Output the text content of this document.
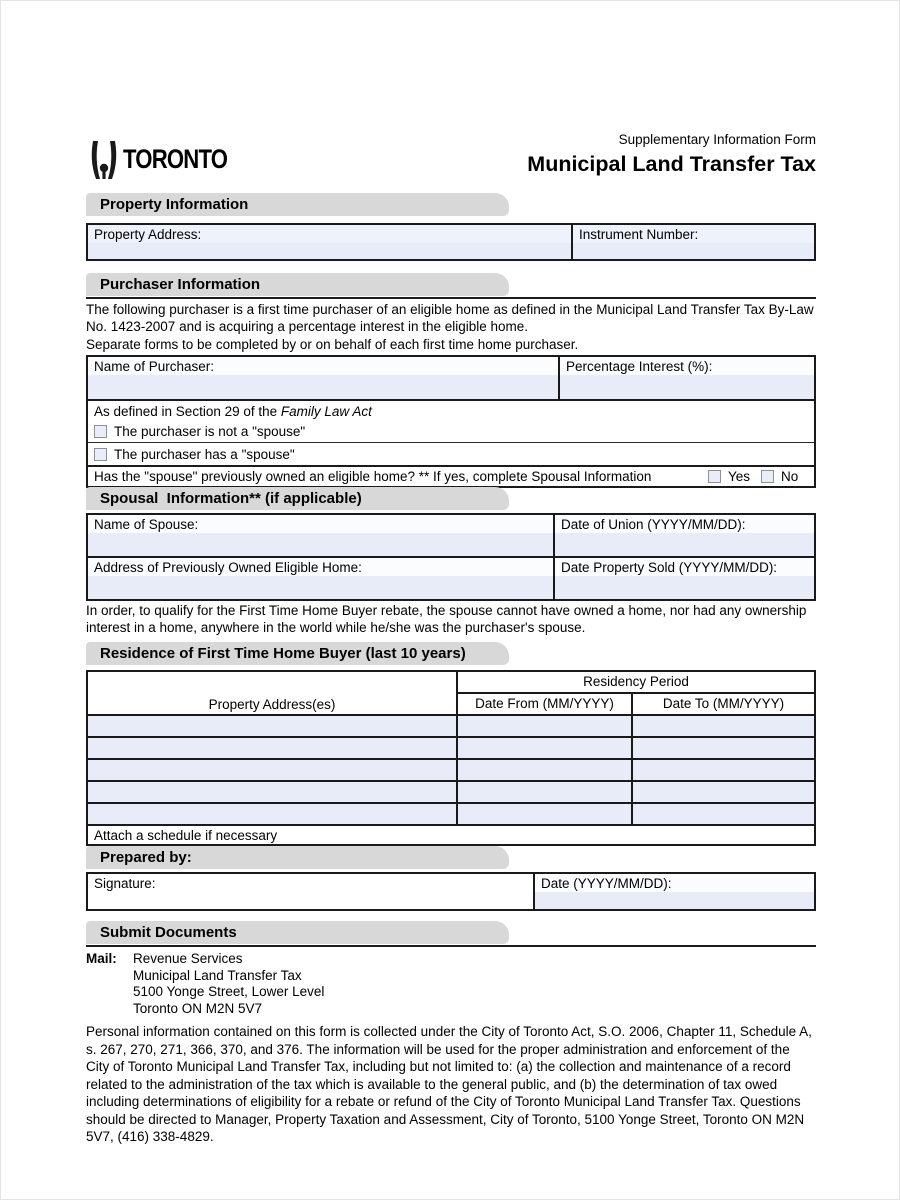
TORONTO
Supplementary Information Form
Municipal Land Transfer Tax
Property Information
Property Address:	Instrument Number:
Purchaser Information
The following purchaser is a first time purchaser of an eligible home as defined in the Municipal Land Transfer Tax By-Law No. 1423-2007 and is acquiring a percentage interest in the eligible home.
Separate forms to be completed by or on behalf of each first time home purchaser.
Name of Purchaser:	Percentage Interest (%):
As defined in Section 29 of the Family Law Act
The purchaser is not a "spouse"
The purchaser has a "spouse"
Has the "spouse" previously owned an eligible home? ** If yes, complete Spousal Information	Yes No
Spousal  Information** (if applicable)
Name of Spouse:	Date of Union (YYYY/MM/DD):
Address of Previously Owned Eligible Home:	Date Property Sold (YYYY/MM/DD):
In order, to qualify for the First Time Home Buyer rebate, the spouse cannot have owned a home, nor had any ownership interest in a home, anywhere in the world while he/she was the purchaser's spouse.
Residence of First Time Home Buyer (last 10 years)
Property Address(es)
Residency Period
Date From (MM/YYYY)	Date To (MM/YYYY)
Attach a schedule if necessary
Prepared by:
Signature:	Date (YYYY/MM/DD):
Submit Documents
Mail:	Revenue Services
Municipal Land Transfer Tax
5100 Yonge Street, Lower Level
Toronto ON M2N 5V7
Personal information contained on this form is collected under the City of Toronto Act, S.O. 2006, Chapter 11, Schedule A, s. 267, 270, 271, 366, 370, and 376. The information will be used for the proper administration and enforcement of the City of Toronto Municipal Land Transfer Tax, including but not limited to: (a) the collection and maintenance of a record related to the administration of the tax which is available to the general public, and (b) the determination of tax owed including determinations of eligibility for a rebate or refund of the City of Toronto Municipal Land Transfer Tax. Questions should be directed to Manager, Property Taxation and Assessment, City of Toronto, 5100 Yonge Street, Toronto ON M2N 5V7, (416) 338-4829.
